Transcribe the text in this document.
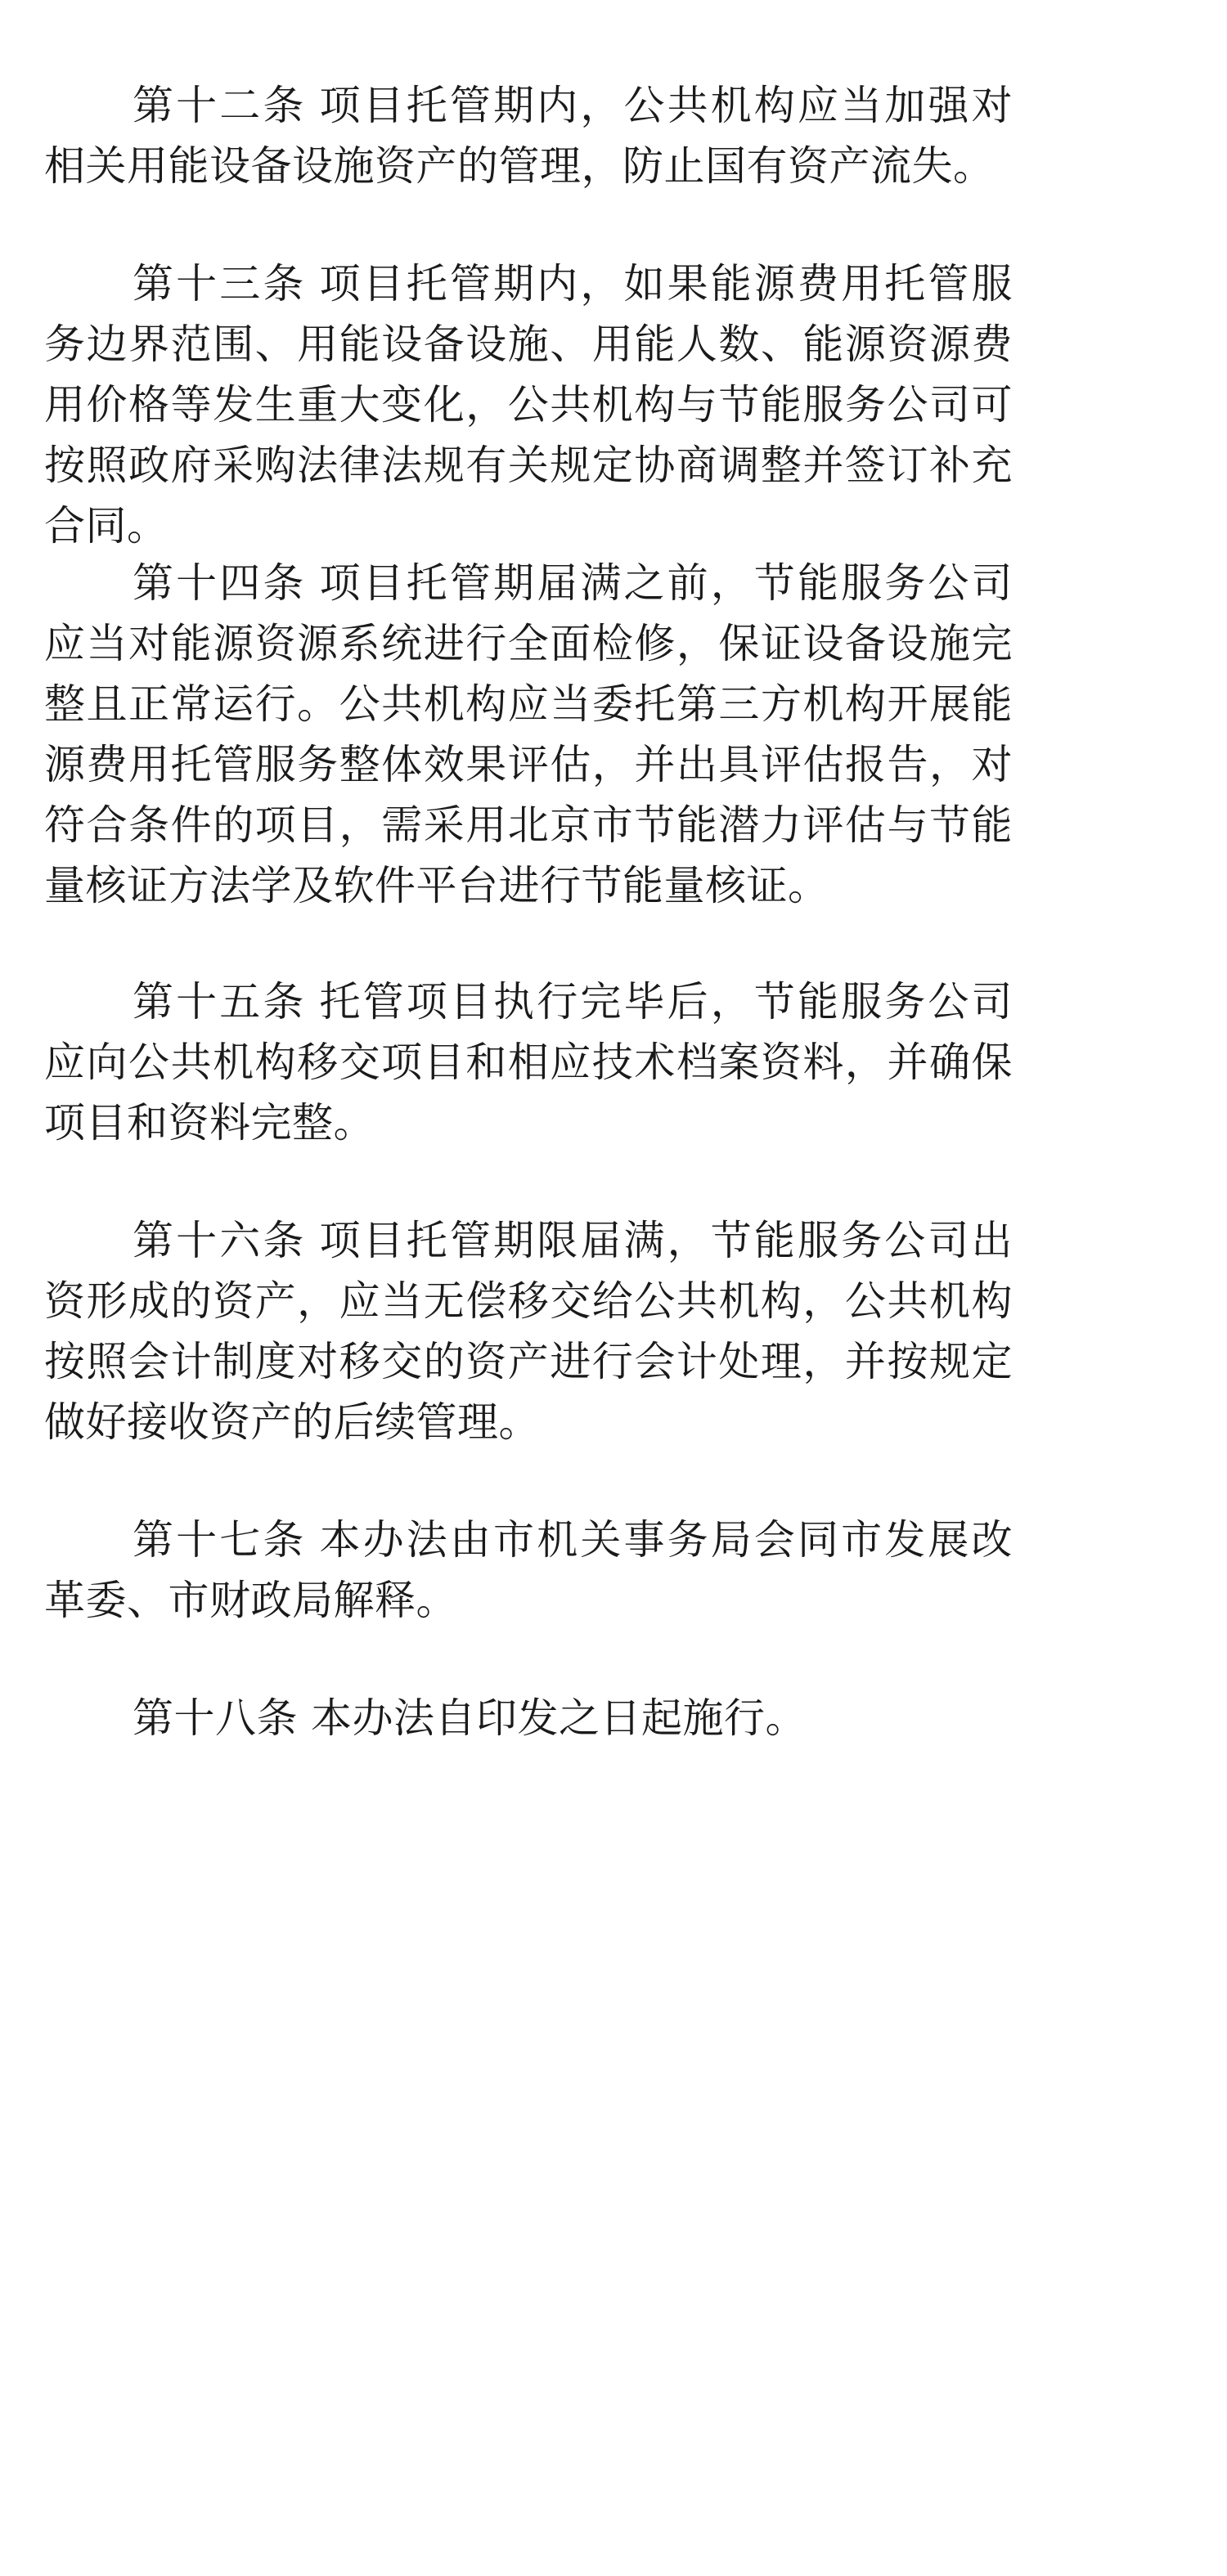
第十二条 项目托管期内，公共机构应当加强对相关用能设备设施资产的管理，防止国有资产流失。

第十三条 项目托管期内，如果能源费用托管服务边界范围、用能设备设施、用能人数、能源资源费用价格等发生重大变化，公共机构与节能服务公司可按照政府采购法律法规有关规定协商调整并签订补充合同。

第十四条 项目托管期届满之前，节能服务公司应当对能源资源系统进行全面检修，保证设备设施完整且正常运行。公共机构应当委托第三方机构开展能源费用托管服务整体效果评估，并出具评估报告，对符合条件的项目，需采用北京市节能潜力评估与节能量核证方法学及软件平台进行节能量核证。

第十五条 托管项目执行完毕后，节能服务公司应向公共机构移交项目和相应技术档案资料，并确保项目和资料完整。

第十六条 项目托管期限届满，节能服务公司出资形成的资产，应当无偿移交给公共机构，公共机构按照会计制度对移交的资产进行会计处理，并按规定做好接收资产的后续管理。

第十七条 本办法由市机关事务局会同市发展改革委、市财政局解释。

第十八条 本办法自印发之日起施行。
